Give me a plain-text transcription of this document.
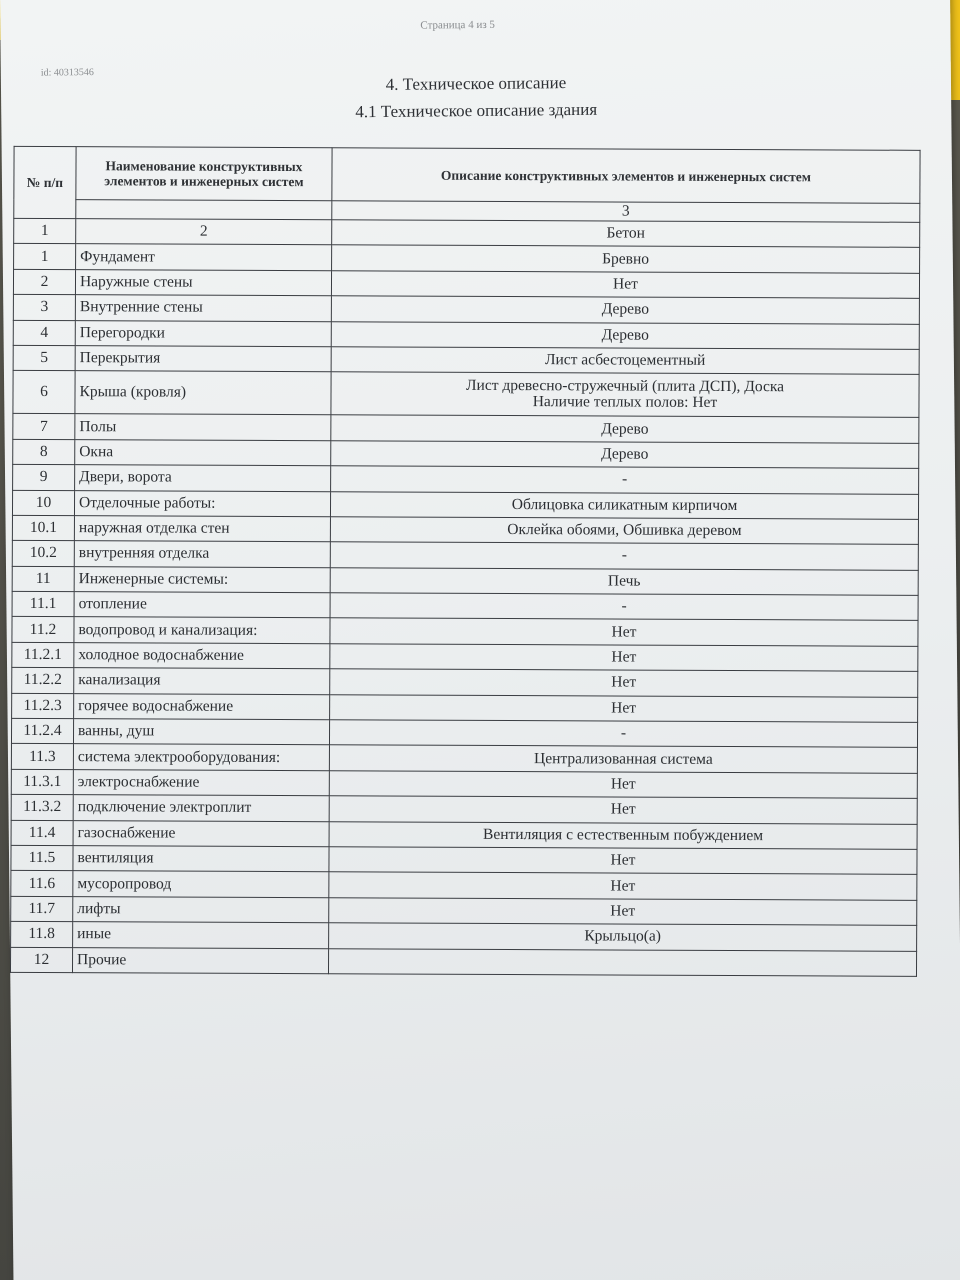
Страница 4 из 5
id: 40313546
4. Техническое описание
4.1 Техническое описание здания
№ п/п	Наименование конструктивных элементов и инженерных систем	Описание конструктивных элементов и инженерных систем
		3
1	2	Бетон
1	Фундамент	Бревно
2	Наружные стены	Нет
3	Внутренние стены	Дерево
4	Перегородки	Дерево
5	Перекрытия	Лист асбестоцементный
6	Крыша (кровля)	Лист древесно-стружечный (плита ДСП), Доска
Наличие теплых полов: Нет

7	Полы	Дерево
8	Окна	Дерево
9	Двери, ворота	-
10	Отделочные работы:	Облицовка силикатным кирпичом
10.1	наружная отделка стен	Оклейка обоями, Обшивка деревом
10.2	внутренняя отделка	-
11	Инженерные системы:	Печь
11.1	отопление	-
11.2	водопровод и канализация:	Нет
11.2.1	холодное водоснабжение	Нет
11.2.2	канализация	Нет
11.2.3	горячее водоснабжение	Нет
11.2.4	ванны, душ	-
11.3	система электрооборудования:	Централизованная система
11.3.1	электроснабжение	Нет
11.3.2	подключение электроплит	Нет
11.4	газоснабжение	Вентиляция с естественным побуждением
11.5	вентиляция	Нет
11.6	мусоропровод	Нет
11.7	лифты	Нет
11.8	иные	Крыльцо(а)
12	Прочие	
